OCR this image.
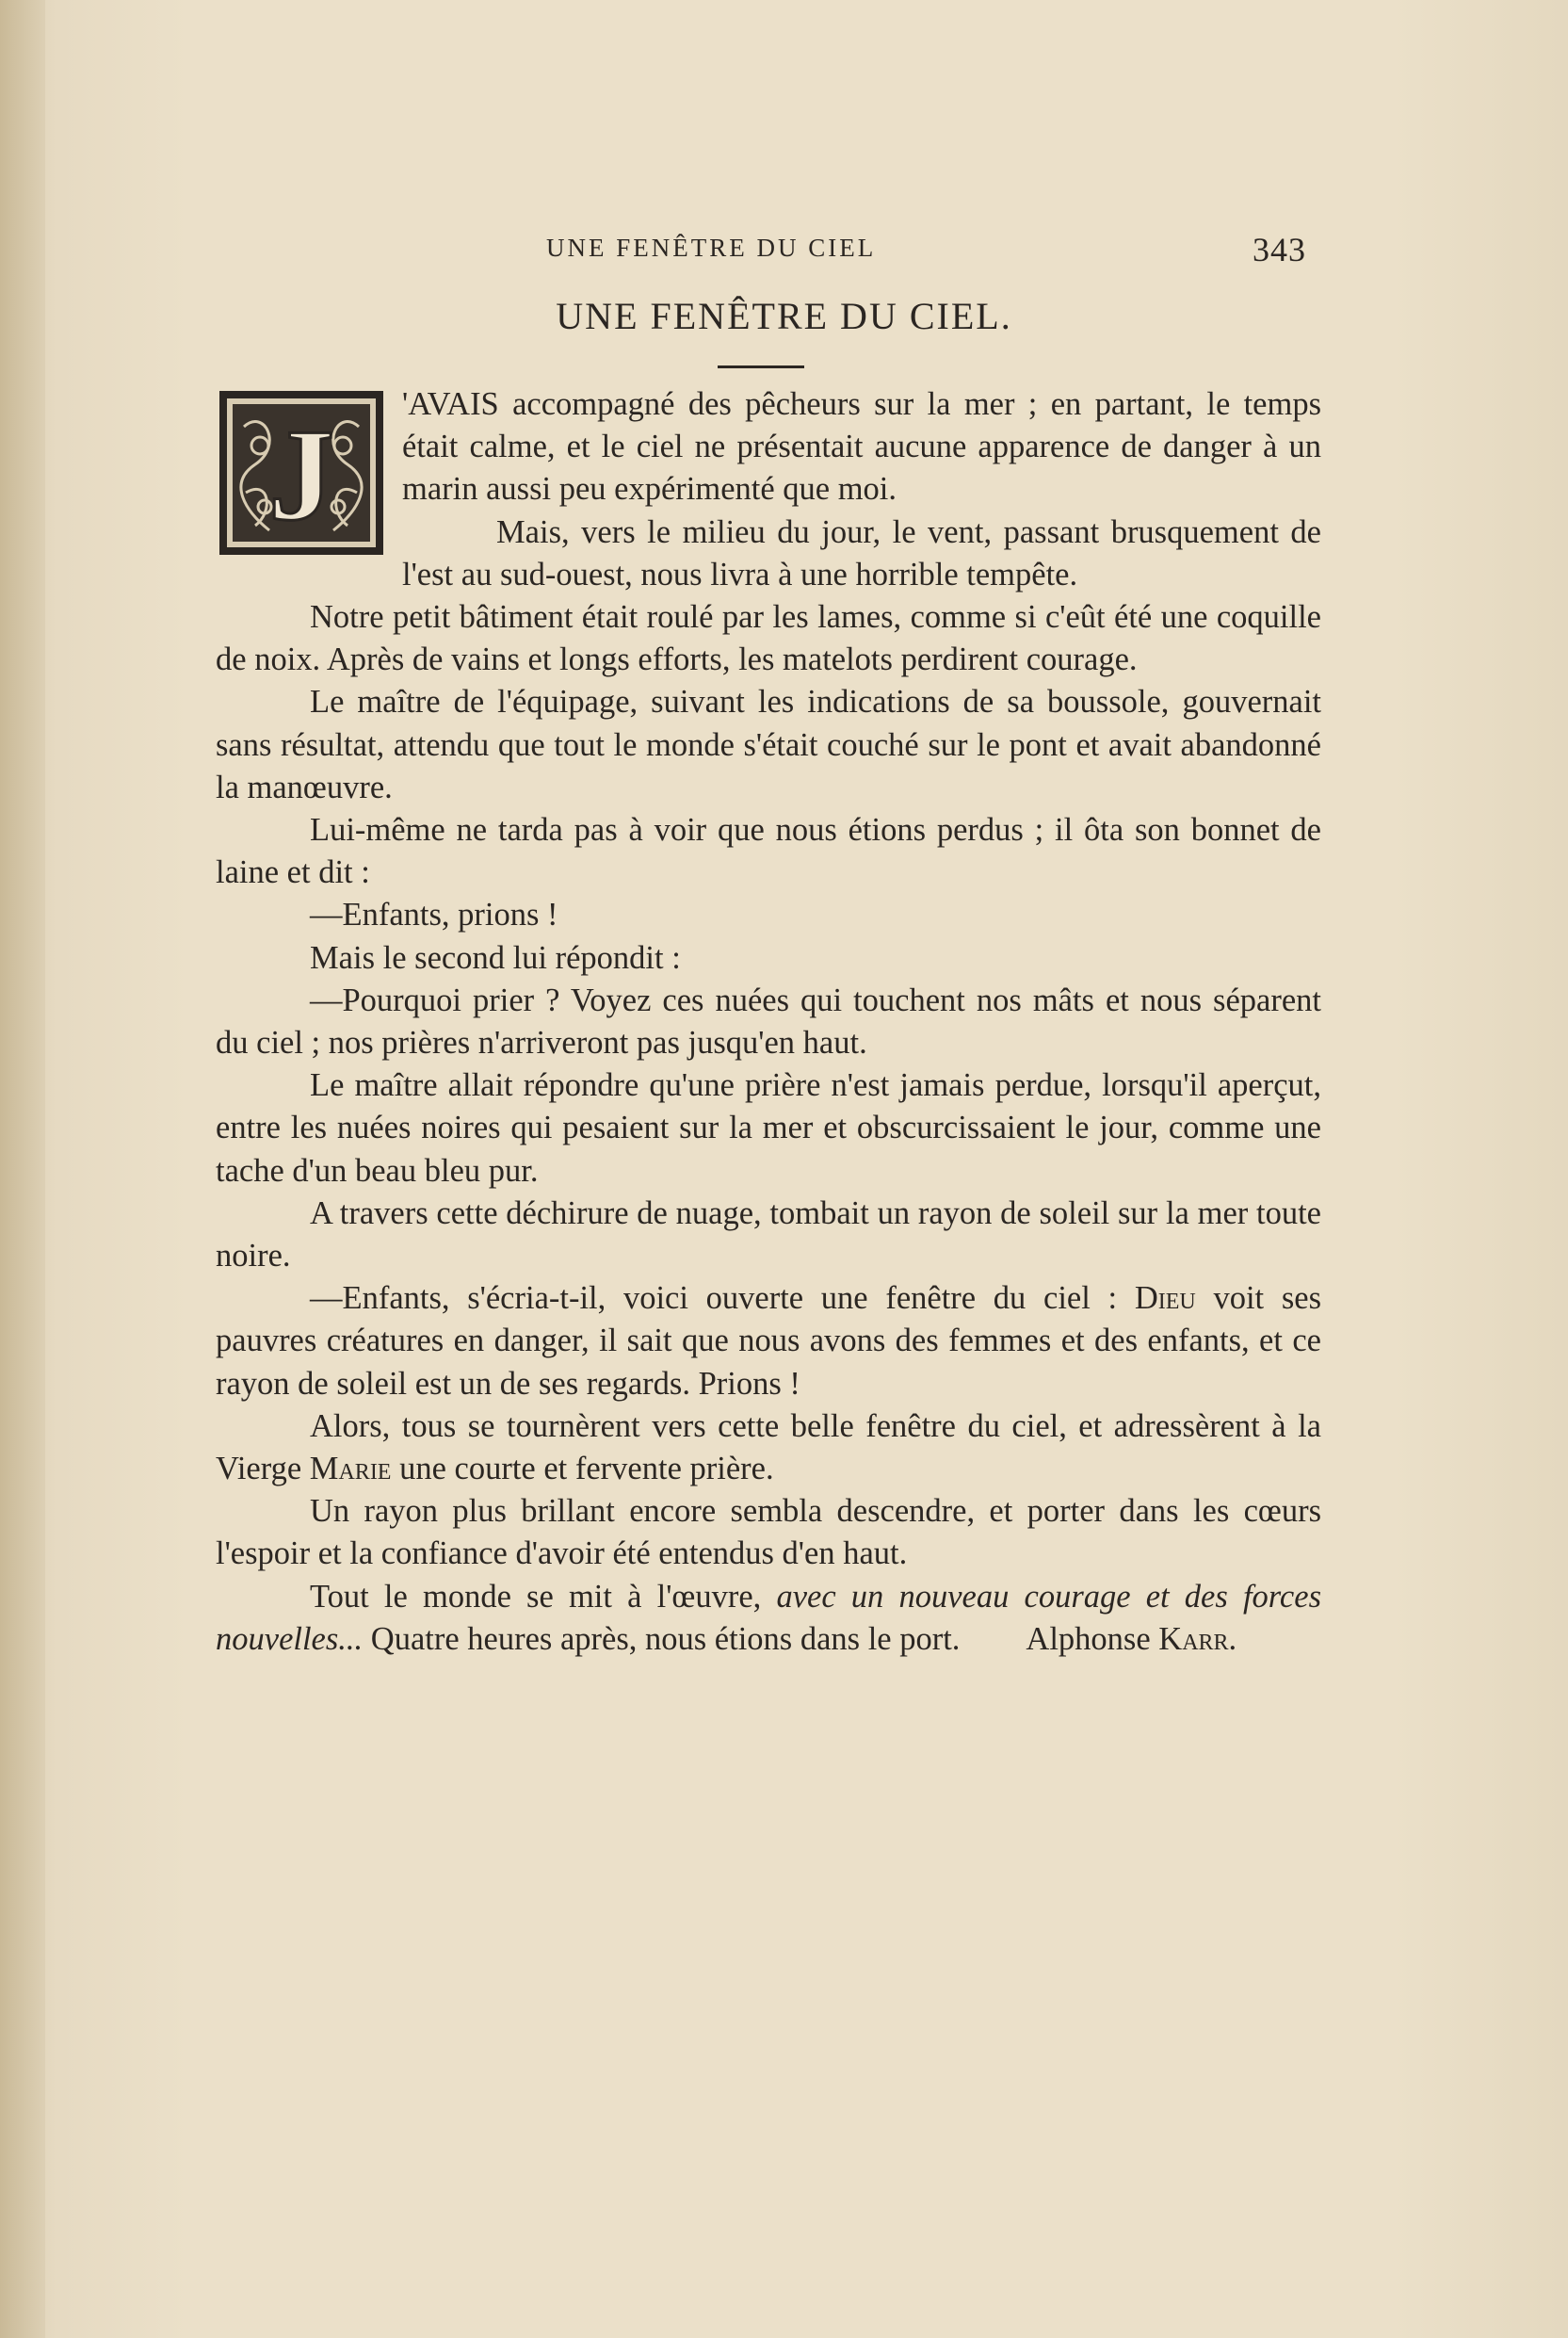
UNE FENÊTRE DU CIEL	343
UNE FENÊTRE DU CIEL.

J 'AVAIS accompagné des pêcheurs sur la mer ; en partant, le temps était calme, et le ciel ne présentait aucune apparence de danger à un marin aussi peu expérimenté que moi.

Mais, vers le milieu du jour, le vent, passant brusquement de l'est au sud-ouest, nous livra à une horrible tempête.

Notre petit bâtiment était roulé par les lames, comme si c'eût été une coquille de noix. Après de vains et longs efforts, les matelots perdirent courage.

Le maître de l'équipage, suivant les indications de sa boussole, gouvernait sans résultat, attendu que tout le monde s'était couché sur le pont et avait abandonné la manœuvre.

Lui-même ne tarda pas à voir que nous étions perdus ; il ôta son bonnet de laine et dit :

—Enfants, prions !

Mais le second lui répondit :

—Pourquoi prier ? Voyez ces nuées qui touchent nos mâts et nous séparent du ciel ; nos prières n'arriveront pas jusqu'en haut.

Le maître allait répondre qu'une prière n'est jamais perdue, lorsqu'il aperçut, entre les nuées noires qui pesaient sur la mer et obscurcissaient le jour, comme une tache d'un beau bleu pur.

A travers cette déchirure de nuage, tombait un rayon de soleil sur la mer toute noire.

—Enfants, s'écria-t-il, voici ouverte une fenêtre du ciel : Dieu voit ses pauvres créatures en danger, il sait que nous avons des femmes et des enfants, et ce rayon de soleil est un de ses regards. Prions !

Alors, tous se tournèrent vers cette belle fenêtre du ciel, et adressèrent à la Vierge Marie une courte et fervente prière.

Un rayon plus brillant encore sembla descendre, et porter dans les cœurs l'espoir et la confiance d'avoir été entendus d'en haut.

Tout le monde se mit à l'œuvre, avec un nouveau courage et des forces nouvelles... Quatre heures après, nous étions dans le port. Alphonse Karr.
